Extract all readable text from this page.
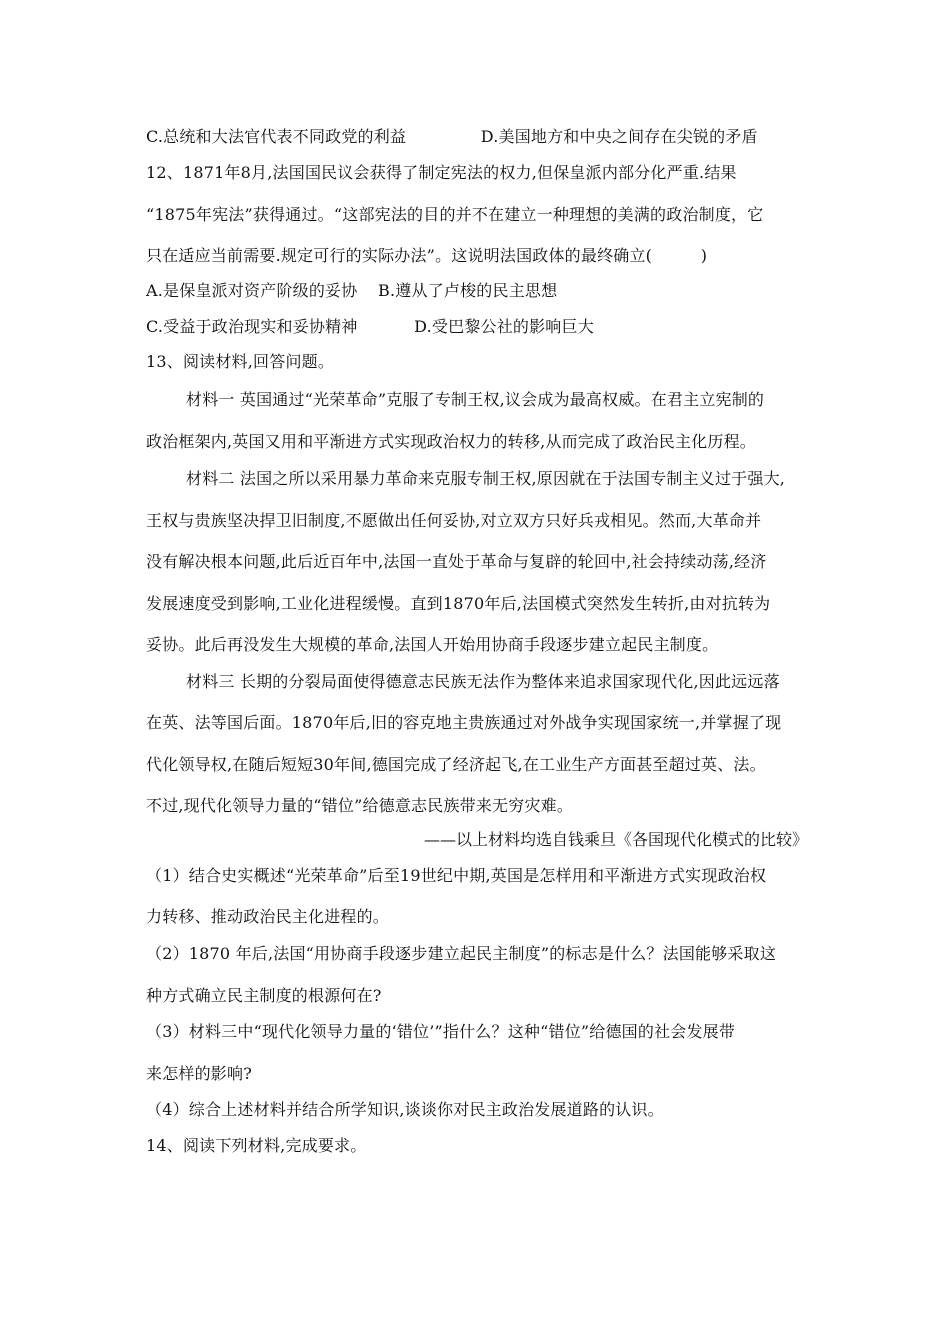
C.总统和大法官代表不同政党的利益	D.美国地方和中央之间存在尖锐的矛盾
12、1871年8月,法国国民议会获得了制定宪法的权力,但保皇派内部分化严重.结果
“1875年宪法”获得通过。“这部宪法的目的并不在建立一种理想的美满的政治制度，它
只在适应当前需要.规定可行的实际办法”。这说明法国政体的最终确立(　　　)
A.是保皇派对资产阶级的妥协 B.遵从了卢梭的民主思想
C.受益于政治现实和妥协精神	D.受巴黎公社的影响巨大
13、阅读材料,回答问题。
材料一 英国通过“光荣革命”克服了专制王权,议会成为最高权威。在君主立宪制的
政治框架内,英国又用和平渐进方式实现政治权力的转移,从而完成了政治民主化历程。
材料二 法国之所以采用暴力革命来克服专制王权,原因就在于法国专制主义过于强大,
王权与贵族坚决捍卫旧制度,不愿做出任何妥协,对立双方只好兵戎相见。然而,大革命并
没有解决根本问题,此后近百年中,法国一直处于革命与复辟的轮回中,社会持续动荡,经济
发展速度受到影响,工业化进程缓慢。直到1870年后,法国模式突然发生转折,由对抗转为
妥协。此后再没发生大规模的革命,法国人开始用协商手段逐步建立起民主制度。
材料三 长期的分裂局面使得德意志民族无法作为整体来追求国家现代化,因此远远落
在英、法等国后面。1870年后,旧的容克地主贵族通过对外战争实现国家统一,并掌握了现
代化领导权,在随后短短30年间,德国完成了经济起飞,在工业生产方面甚至超过英、法。
不过,现代化领导力量的“错位”给德意志民族带来无穷灾难。
——以上材料均选自钱乘旦《各国现代化模式的比较》
（1）结合史实概述“光荣革命”后至19世纪中期,英国是怎样用和平渐进方式实现政治权
力转移、推动政治民主化进程的。
（2）1870 年后,法国“用协商手段逐步建立起民主制度”的标志是什么？法国能够采取这
种方式确立民主制度的根源何在?
（3）材料三中“现代化领导力量的‘错位’”指什么？这种“错位”给德国的社会发展带
来怎样的影响?
（4）综合上述材料并结合所学知识,谈谈你对民主政治发展道路的认识。
14、阅读下列材料,完成要求。
